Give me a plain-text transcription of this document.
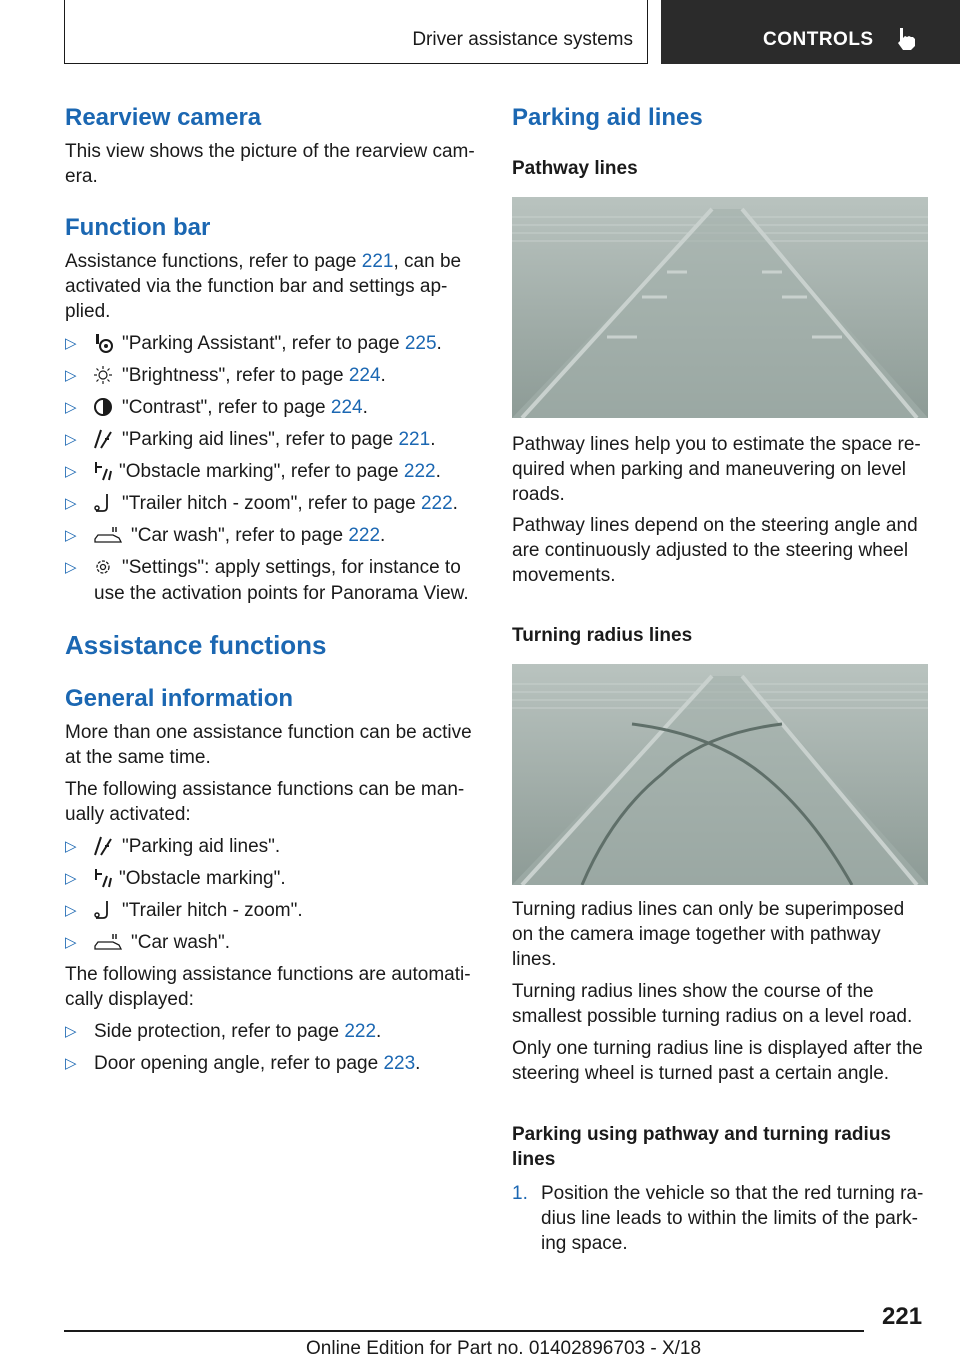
Driver assistance systems	CONTROLS
Rearview camera
This view shows the picture of the rearview cam-era.
Function bar
Assistance functions, refer to page 221, can be activated via the function bar and settings ap-plied.
▷ "Parking Assistant", refer to page 225.
▷ "Brightness", refer to page 224.
▷ "Contrast", refer to page 224.
▷ "Parking aid lines", refer to page 221.
▷ "Obstacle marking", refer to page 222.
▷ "Trailer hitch - zoom", refer to page 222.
▷	"Car wash", refer to page 222.
▷ "Settings": apply settings, for instance to
use the activation points for Panorama View.
Assistance functions
General information
More than one assistance function can be active at the same time.
The following assistance functions can be man-ually activated:
▷ "Parking aid lines".
▷ "Obstacle marking".
▷ "Trailer hitch - zoom".
▷	"Car wash".
The following assistance functions are automati-cally displayed:
▷ Side protection, refer to page 222.
▷ Door opening angle, refer to page 223.
Parking aid lines
Pathway lines
Pathway lines help you to estimate the space re-quired when parking and maneuvering on level roads.
Pathway lines depend on the steering angle and are continuously adjusted to the steering wheel movements.
Turning radius lines
Turning radius lines can only be superimposed on the camera image together with pathway lines.
Turning radius lines show the course of the smallest possible turning radius on a level road.
Only one turning radius line is displayed after the steering wheel is turned past a certain angle.
Parking using pathway and turning radius
lines
1. Position the vehicle so that the red turning ra-dius line leads to within the limits of the park-ing space.
221
Online Edition for Part no. 01402896703 - X/18
